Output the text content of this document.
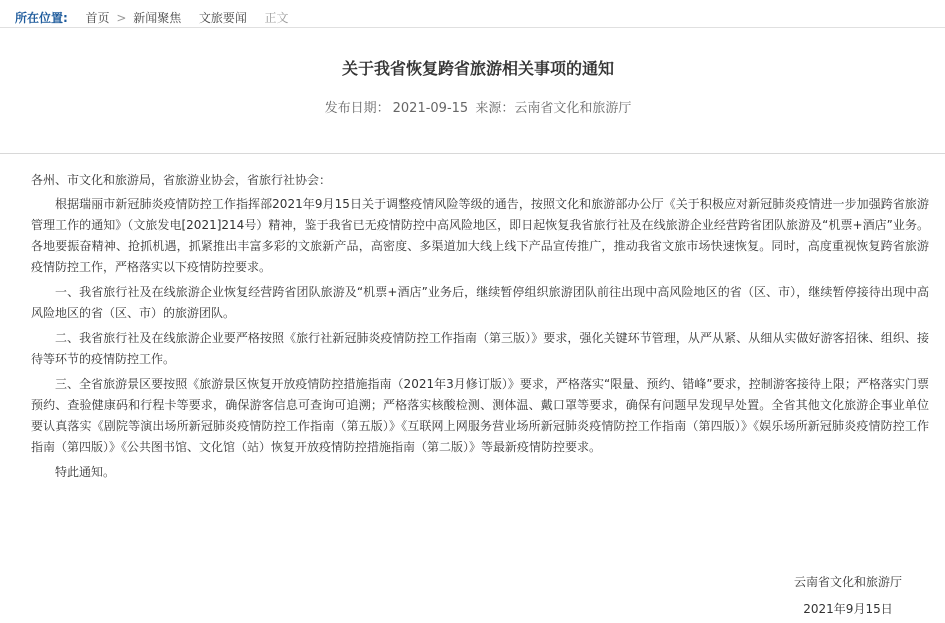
所在位置: 首页 > 新闻聚焦 文旅要闻 正文
关于我省恢复跨省旅游相关事项的通知
发布日期： 2021-09-15 来源：云南省文化和旅游厅

各州、市文化和旅游局，省旅游业协会，省旅行社协会：

根据瑞丽市新冠肺炎疫情防控工作指挥部2021年9月15日关于调整疫情风险等级的通告，按照文化和旅游部办公厅《关于积极应对新冠肺炎疫情进一步加强跨省旅游管理工作的通知》（文旅发电[2021]214号）精神，鉴于我省已无疫情防控中高风险地区，即日起恢复我省旅行社及在线旅游企业经营跨省团队旅游及“机票+酒店”业务。各地要振奋精神、抢抓机遇，抓紧推出丰富多彩的文旅新产品，高密度、多渠道加大线上线下产品宣传推广，推动我省文旅市场快速恢复。同时，高度重视恢复跨省旅游疫情防控工作，严格落实以下疫情防控要求。

一、我省旅行社及在线旅游企业恢复经营跨省团队旅游及“机票+酒店”业务后，继续暂停组织旅游团队前往出现中高风险地区的省（区、市），继续暂停接待出现中高风险地区的省（区、市）的旅游团队。

二、我省旅行社及在线旅游企业要严格按照《旅行社新冠肺炎疫情防控工作指南（第三版）》要求，强化关键环节管理，从严从紧、从细从实做好游客招徕、组织、接待等环节的疫情防控工作。

三、全省旅游景区要按照《旅游景区恢复开放疫情防控措施指南（2021年3月修订版）》要求，严格落实“限量、预约、错峰”要求，控制游客接待上限；严格落实门票预约、查验健康码和行程卡等要求，确保游客信息可查询可追溯；严格落实核酸检测、测体温、戴口罩等要求，确保有问题早发现早处置。全省其他文化旅游企事业单位要认真落实《剧院等演出场所新冠肺炎疫情防控工作指南（第五版）》《互联网上网服务营业场所新冠肺炎疫情防控工作指南（第四版）》《娱乐场所新冠肺炎疫情防控工作指南（第四版）》《公共图书馆、文化馆（站）恢复开放疫情防控措施指南（第二版）》等最新疫情防控要求。

特此通知。

云南省文化和旅游厅
2021年9月15日
